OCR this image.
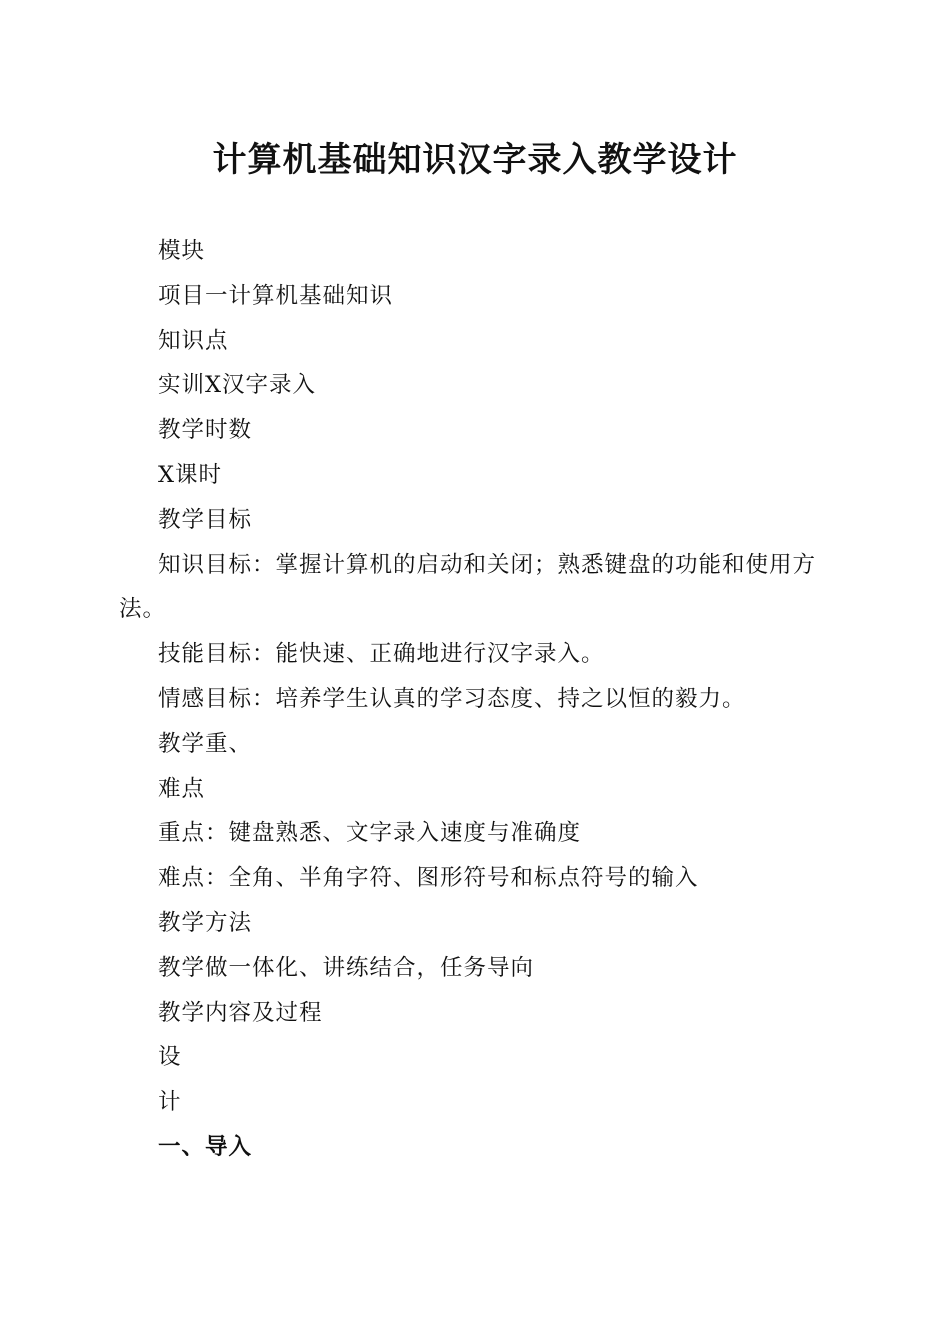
计算机基础知识汉字录入教学设计

模块

项目一计算机基础知识

知识点

实训X汉字录入

教学时数

X课时

教学目标

知识目标：掌握计算机的启动和关闭；熟悉键盘的功能和使用方法。

技能目标：能快速、正确地进行汉字录入。

情感目标：培养学生认真的学习态度、持之以恒的毅力。

教学重、

难点

重点：键盘熟悉、文字录入速度与准确度

难点：全角、半角字符、图形符号和标点符号的输入

教学方法

教学做一体化、讲练结合，任务导向

教学内容及过程

设

计

一、导入
